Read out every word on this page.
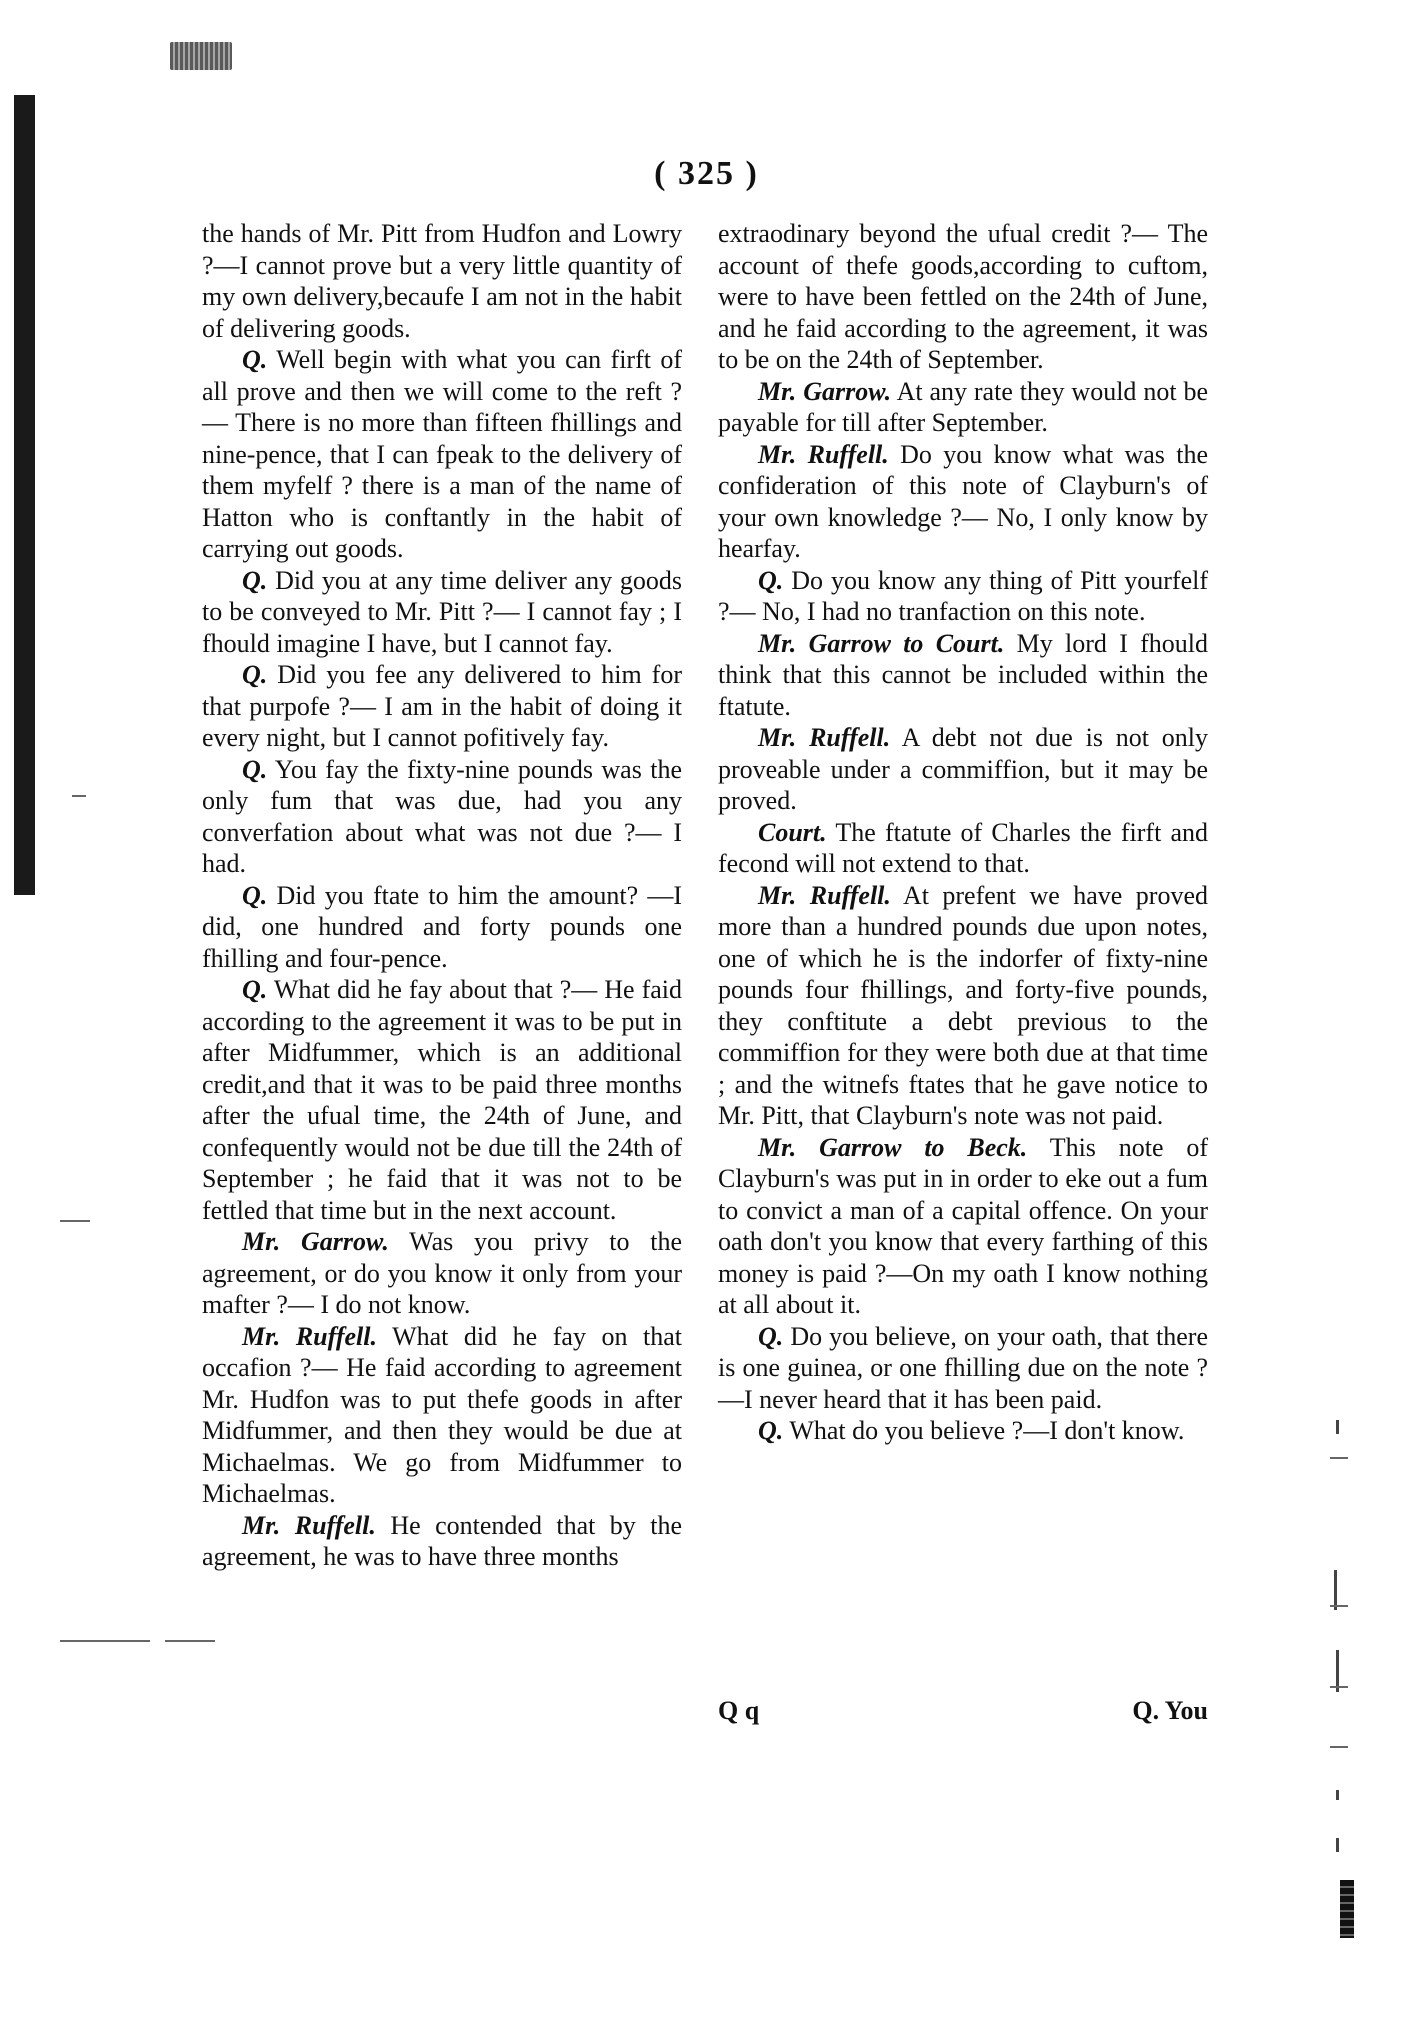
( 325 )

the hands of Mr. Pitt from Hudfon and Lowry ?—I cannot prove but a very little quantity of my own delivery,becaufe I am not in the habit of delivering goods.

Q. Well begin with what you can firft of all prove and then we will come to the reft ?— There is no more than fifteen fhillings and nine-pence, that I can fpeak to the delivery of them myfelf ? there is a man of the name of Hatton who is conftantly in the habit of carrying out goods.

Q. Did you at any time deliver any goods to be conveyed to Mr. Pitt ?— I cannot fay ; I fhould imagine I have, but I cannot fay.

Q. Did you fee any delivered to him for that purpofe ?— I am in the habit of doing it every night, but I cannot pofitively fay.

Q. You fay the fixty-nine pounds was the only fum that was due, had you any converfation about what was not due ?— I had.

Q. Did you ftate to him the amount? —I did, one hundred and forty pounds one fhilling and four-pence.

Q. What did he fay about that ?— He faid according to the agreement it was to be put in after Midfummer, which is an additional credit,and that it was to be paid three months after the ufual time, the 24th of June, and confequently would not be due till the 24th of September ; he faid that it was not to be fettled that time but in the next account.

Mr. Garrow. Was you privy to the agreement, or do you know it only from your mafter ?— I do not know.

Mr. Ruffell. What did he fay on that occafion ?— He faid according to agreement Mr. Hudfon was to put thefe goods in after Midfummer, and then they would be due at Michaelmas. We go from Midfummer to Michaelmas.

Mr. Ruffell. He contended that by the agreement, he was to have three months

extraodinary beyond the ufual credit ?— The account of thefe goods,according to cuftom, were to have been fettled on the 24th of June, and he faid according to the agreement, it was to be on the 24th of September.

Mr. Garrow. At any rate they would not be payable for till after September.

Mr. Ruffell. Do you know what was the confideration of this note of Clayburn's of your own knowledge ?— No, I only know by hearfay.

Q. Do you know any thing of Pitt yourfelf ?— No, I had no tranfaction on this note.

Mr. Garrow to Court. My lord I fhould think that this cannot be included within the ftatute.

Mr. Ruffell. A debt not due is not only proveable under a commiffion, but it may be proved.

Court. The ftatute of Charles the firft and fecond will not extend to that.

Mr. Ruffell. At prefent we have proved more than a hundred pounds due upon notes, one of which he is the indorfer of fixty-nine pounds four fhillings, and forty-five pounds, they conftitute a debt previous to the commiffion for they were both due at that time ; and the witnefs ftates that he gave notice to Mr. Pitt, that Clayburn's note was not paid.

Mr. Garrow to Beck. This note of Clayburn's was put in in order to eke out a fum to convict a man of a capital offence. On your oath don't you know that every farthing of this money is paid ?—On my oath I know nothing at all about it.

Q. Do you believe, on your oath, that there is one guinea, or one fhilling due on the note ?—I never heard that it has been paid.

Q. What do you believe ?—I don't know.

Q q	Q. You
